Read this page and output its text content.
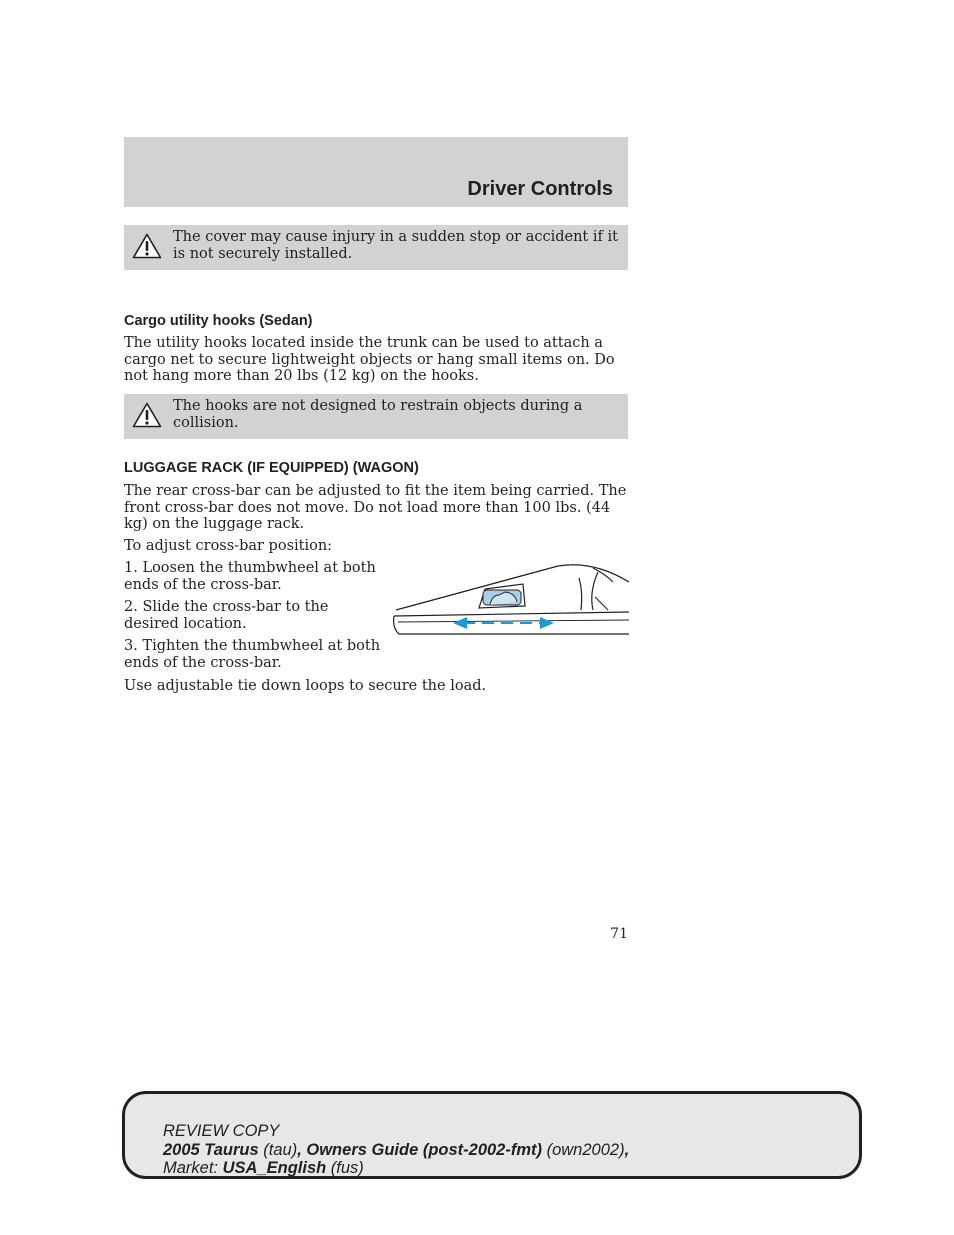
Driver Controls
The cover may cause injury in a sudden stop or accident if it is not securely installed.
Cargo utility hooks (Sedan)
The utility hooks located inside the trunk can be used to attach a cargo net to secure lightweight objects or hang small items on. Do not hang more than 20 lbs (12 kg) on the hooks.
The hooks are not designed to restrain objects during a collision.
LUGGAGE RACK (IF EQUIPPED) (WAGON)
The rear cross-bar can be adjusted to fit the item being carried. The front cross-bar does not move. Do not load more than 100 lbs. (44 kg) on the luggage rack.
To adjust cross-bar position:
1. Loosen the thumbwheel at both ends of the cross-bar.
2. Slide the cross-bar to the desired location.
3. Tighten the thumbwheel at both ends of the cross-bar.
Use adjustable tie down loops to secure the load.
71
REVIEW COPY
2005 Taurus (tau), Owners Guide (post-2002-fmt) (own2002),
Market: USA_English (fus)
